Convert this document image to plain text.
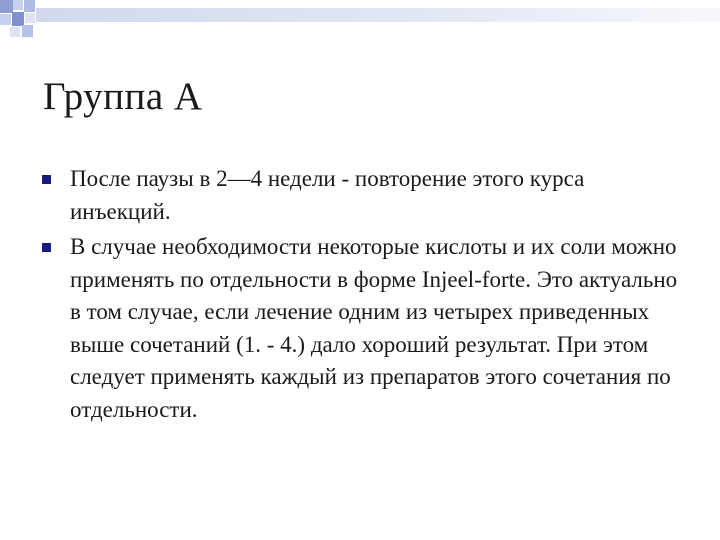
Группа А
После паузы в 2—4 недели - повторение этого курса инъекций.
В случае необходимости некоторые кислоты и их соли можно применять по отдельности в форме Injeel-forte. Это актуально в том случае, если лечение одним из четырех приведенных выше сочетаний (1. - 4.) дало хороший результат. При этом следует применять каждый из препаратов этого сочетания по отдельности.
